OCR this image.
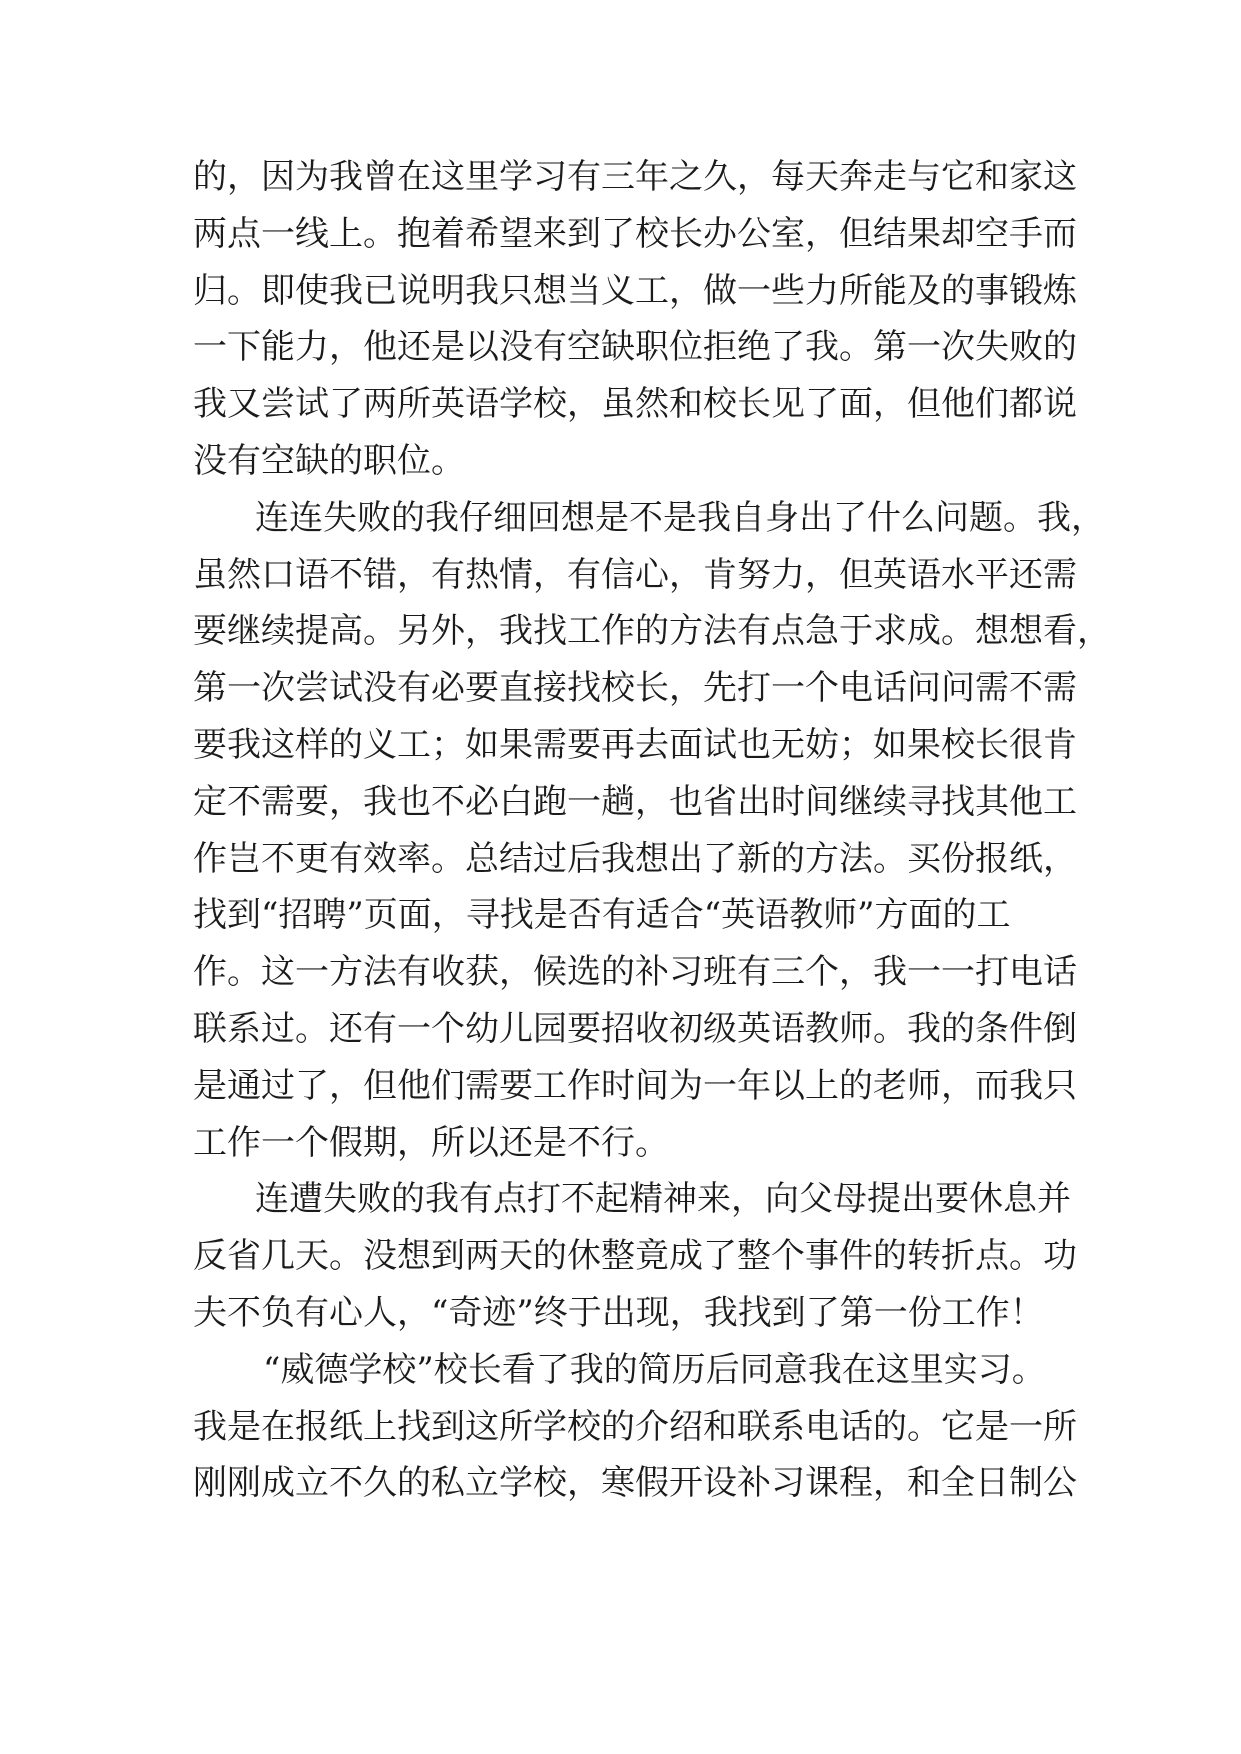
的，因为我曾在这里学习有三年之久，每天奔走与它和家这
两点一线上。抱着希望来到了校长办公室，但结果却空手而
归。即使我已说明我只想当义工，做一些力所能及的事锻炼
一下能力，他还是以没有空缺职位拒绝了我。第一次失败的
我又尝试了两所英语学校，虽然和校长见了面，但他们都说
没有空缺的职位。
连连失败的我仔细回想是不是我自身出了什么问题。我，
虽然口语不错，有热情，有信心，肯努力，但英语水平还需
要继续提高。另外，我找工作的方法有点急于求成。想想看，
第一次尝试没有必要直接找校长，先打一个电话问问需不需
要我这样的义工；如果需要再去面试也无妨；如果校长很肯
定不需要，我也不必白跑一趟，也省出时间继续寻找其他工
作岂不更有效率。总结过后我想出了新的方法。买份报纸，
找到“招聘”页面，寻找是否有适合“英语教师”方面的工
作。这一方法有收获，候选的补习班有三个，我一一打电话
联系过。还有一个幼儿园要招收初级英语教师。我的条件倒
是通过了，但他们需要工作时间为一年以上的老师，而我只
工作一个假期，所以还是不行。
连遭失败的我有点打不起精神来，向父母提出要休息并
反省几天。没想到两天的休整竟成了整个事件的转折点。功
夫不负有心人，“奇迹”终于出现，我找到了第一份工作！
“威德学校”校长看了我的简历后同意我在这里实习。
我是在报纸上找到这所学校的介绍和联系电话的。它是一所
刚刚成立不久的私立学校，寒假开设补习课程，和全日制公
